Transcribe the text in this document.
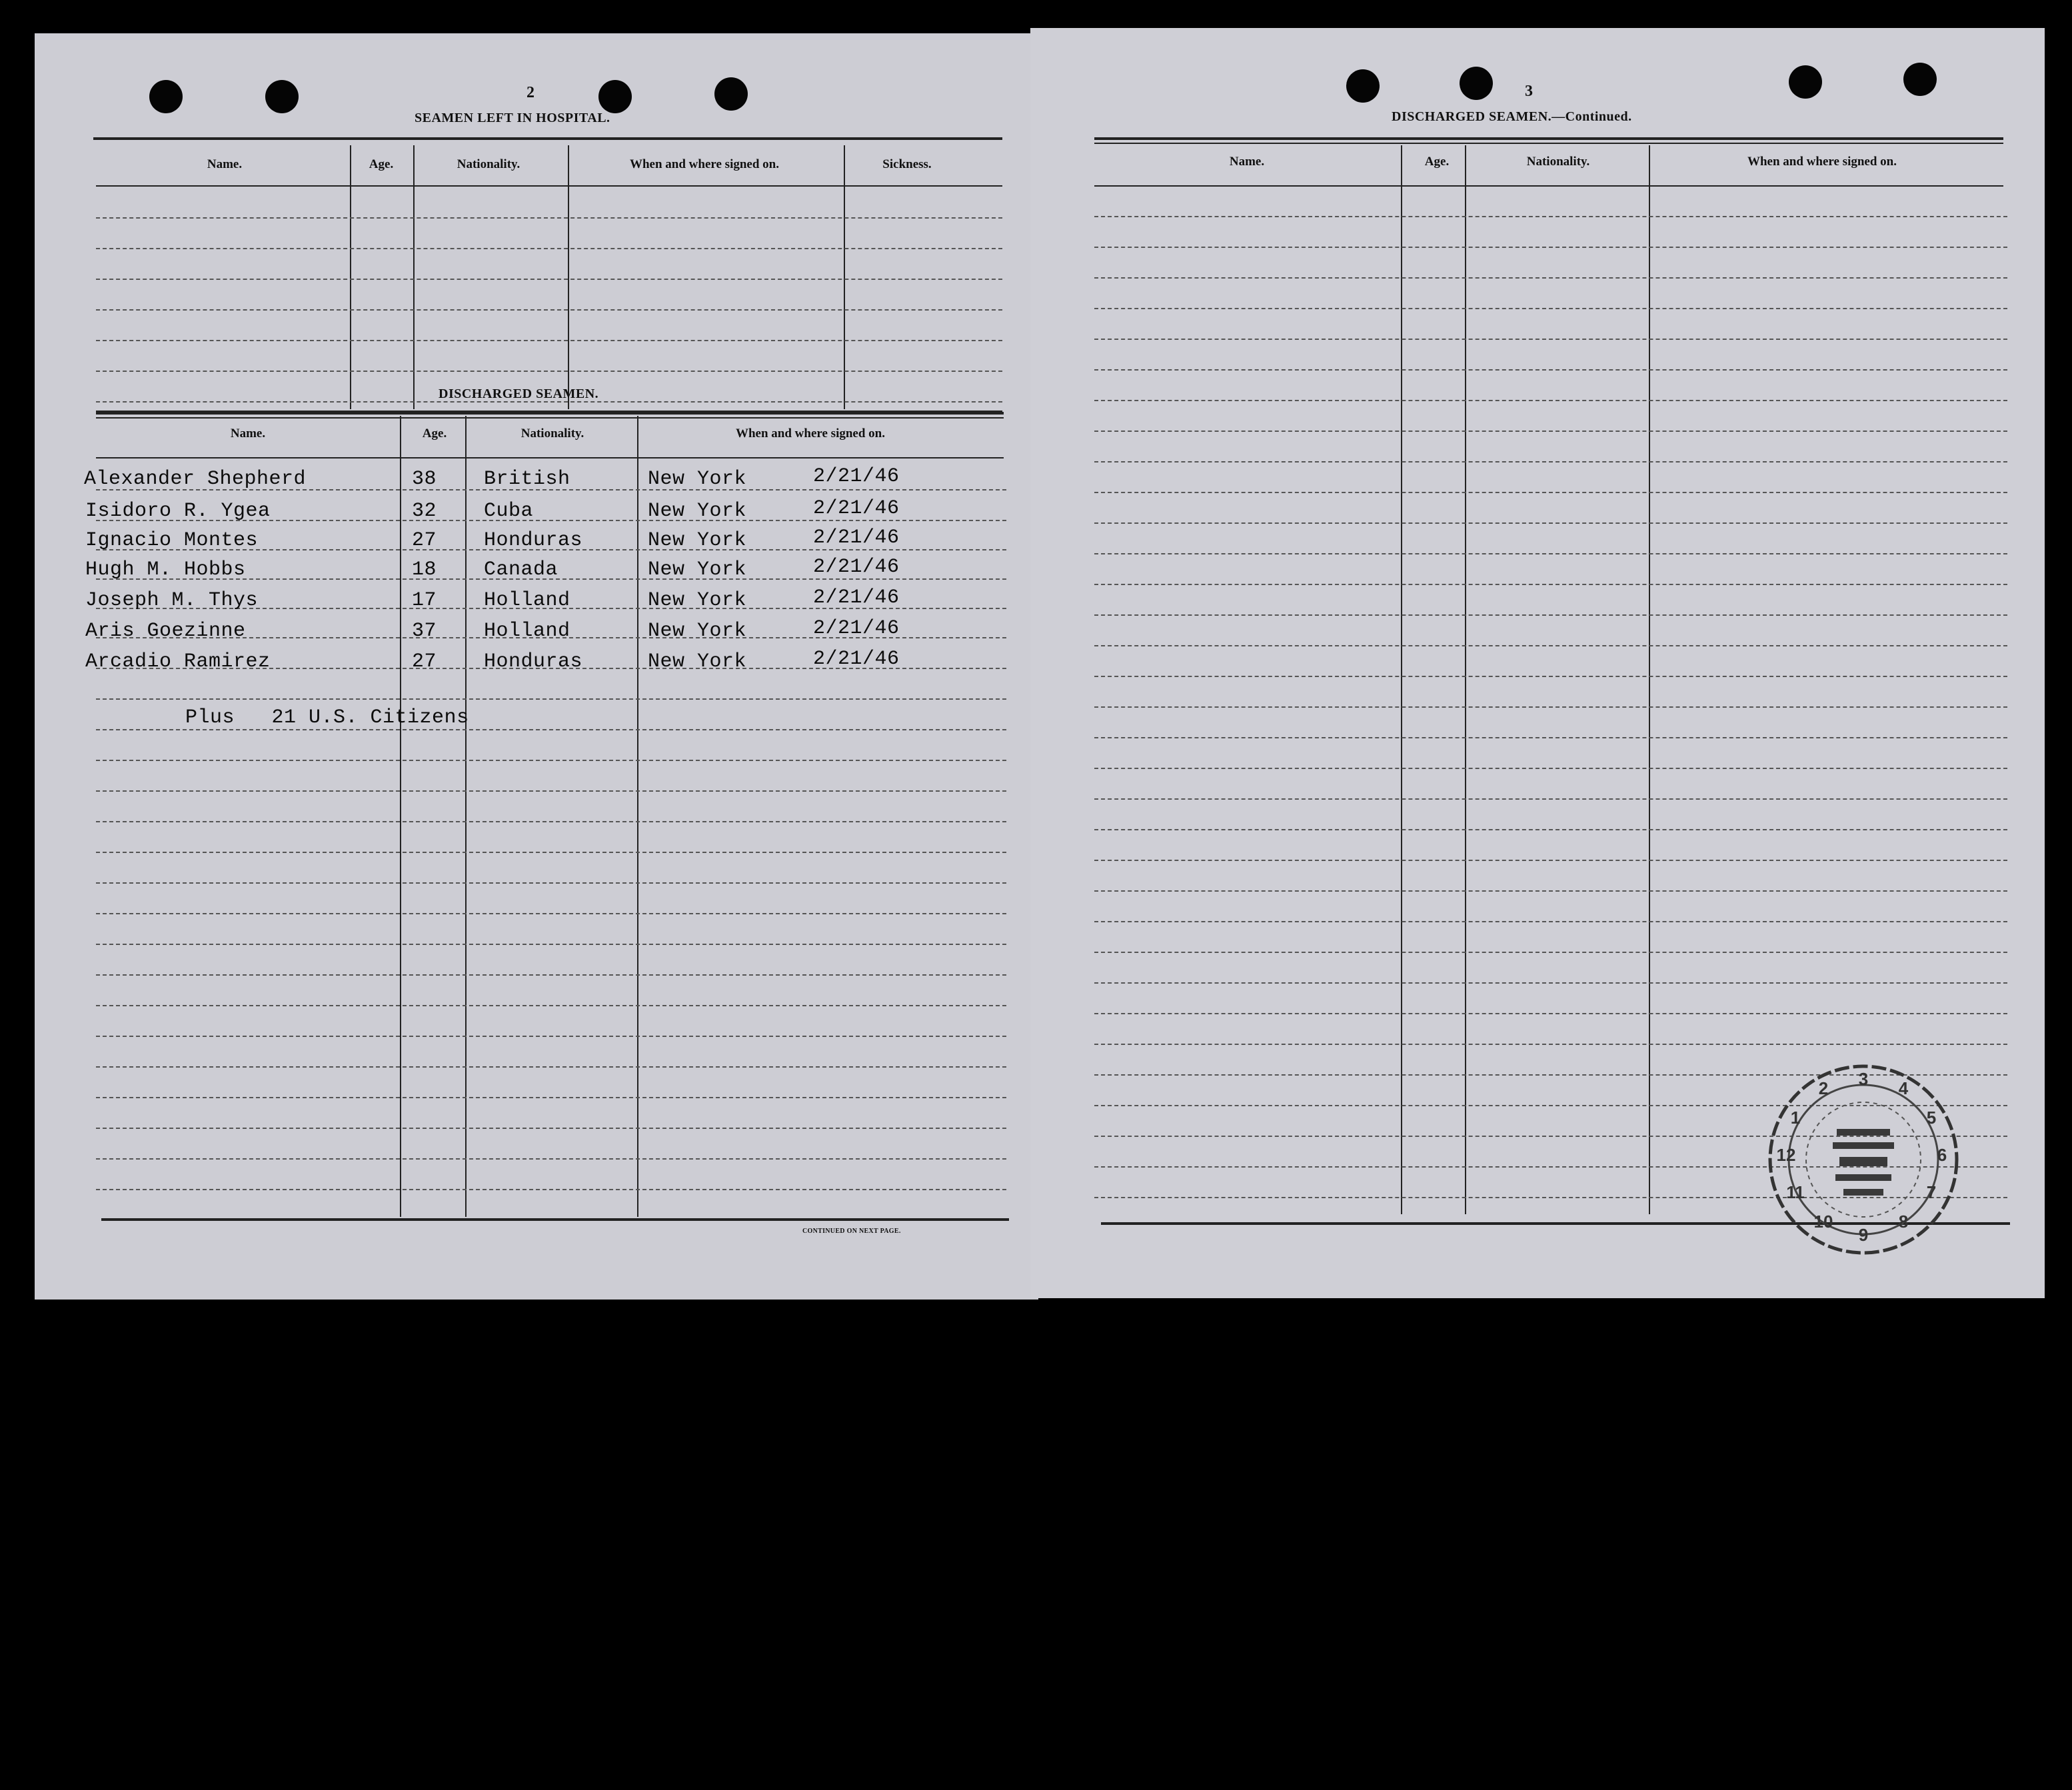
2
SEAMEN LEFT IN HOSPITAL.
Name.	Age.	Nationality.	When and where signed on.	Sickness.
DISCHARGED SEAMEN.
Name.	Age.	Nationality.	When and where signed on.
Alexander Shepherd	38 British	New York	2/21/46
Isidoro R. Ygea	32 Cuba	New York	2/21/46
Ignacio Montes	27 Honduras	New York	2/21/46
Hugh M. Hobbs	18 Canada	New York	2/21/46
Joseph M. Thys	17 Holland	New York	2/21/46
Aris Goezinne	37 Holland	New York	2/21/46
Arcadio Ramirez	27 Honduras	New York	2/21/46
Plus   21 U.S. Citizens
CONTINUED ON NEXT PAGE.
3
DISCHARGED SEAMEN.—Continued.
Name.	Age.	Nationality.	When and where signed on.
3 4
5
6
7
8
9
10
11
12
1
2
